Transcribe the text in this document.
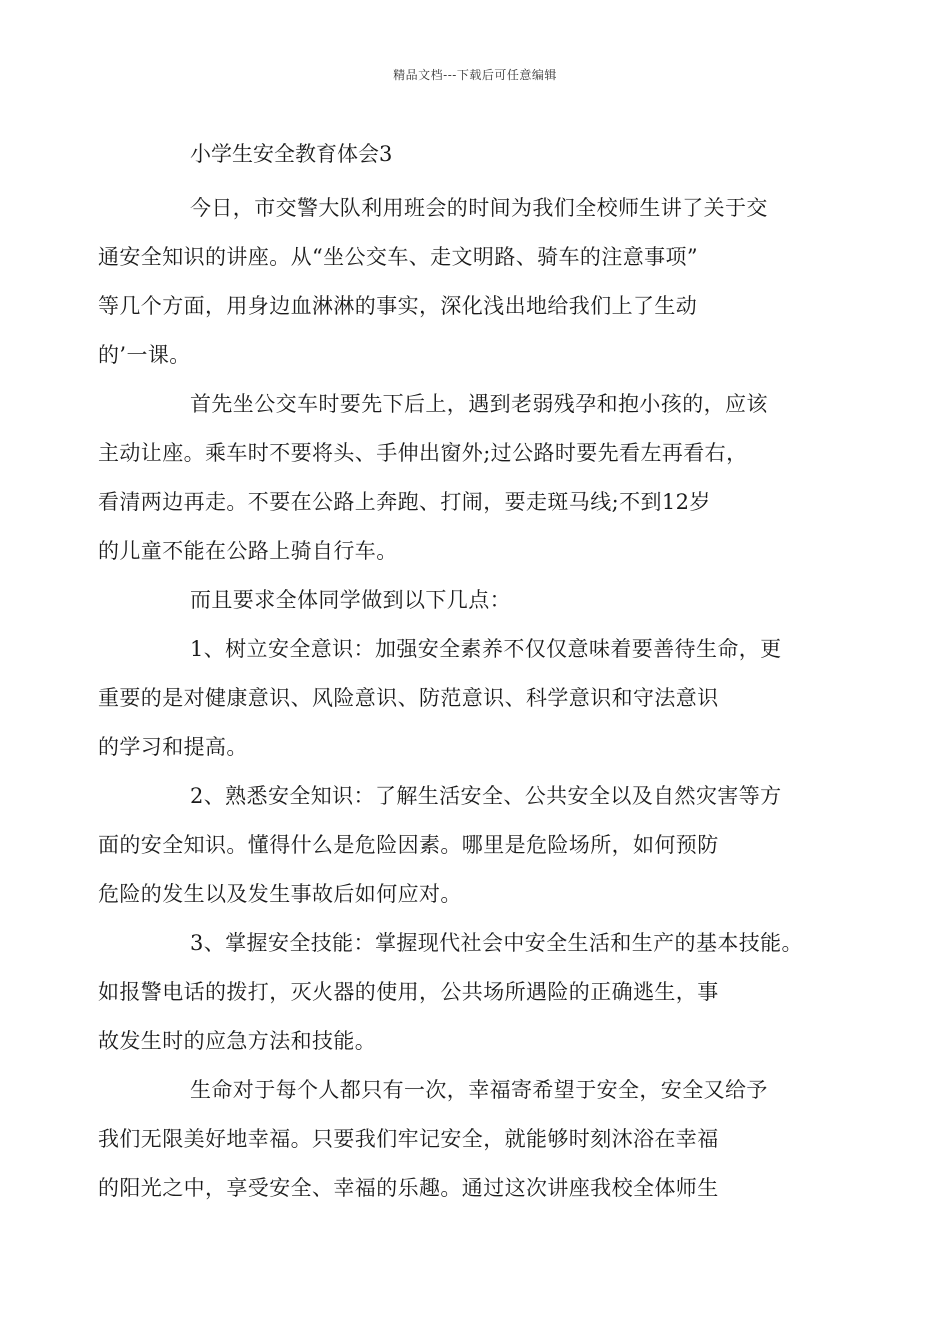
精品文档---下载后可任意编辑
小学生安全教育体会3

今日，市交警大队利用班会的时间为我们全校师生讲了关于交
通安全知识的讲座。从“坐公交车、走文明路、骑车的注意事项”
等几个方面，用身边血淋淋的事实，深化浅出地给我们上了生动
的’一课。

首先坐公交车时要先下后上，遇到老弱残孕和抱小孩的，应该
主动让座。乘车时不要将头、手伸出窗外;过公路时要先看左再看右，
看清两边再走。不要在公路上奔跑、打闹，要走斑马线;不到12岁
的儿童不能在公路上骑自行车。

而且要求全体同学做到以下几点：

1、树立安全意识：加强安全素养不仅仅意味着要善待生命，更
重要的是对健康意识、风险意识、防范意识、科学意识和守法意识
的学习和提高。

2、熟悉安全知识：了解生活安全、公共安全以及自然灾害等方
面的安全知识。懂得什么是危险因素。哪里是危险场所，如何预防
危险的发生以及发生事故后如何应对。

3、掌握安全技能：掌握现代社会中安全生活和生产的基本技能。
如报警电话的拨打，灭火器的使用，公共场所遇险的正确逃生，事
故发生时的应急方法和技能。

生命对于每个人都只有一次，幸福寄希望于安全，安全又给予
我们无限美好地幸福。只要我们牢记安全，就能够时刻沐浴在幸福
的阳光之中，享受安全、幸福的乐趣。通过这次讲座我校全体师生
